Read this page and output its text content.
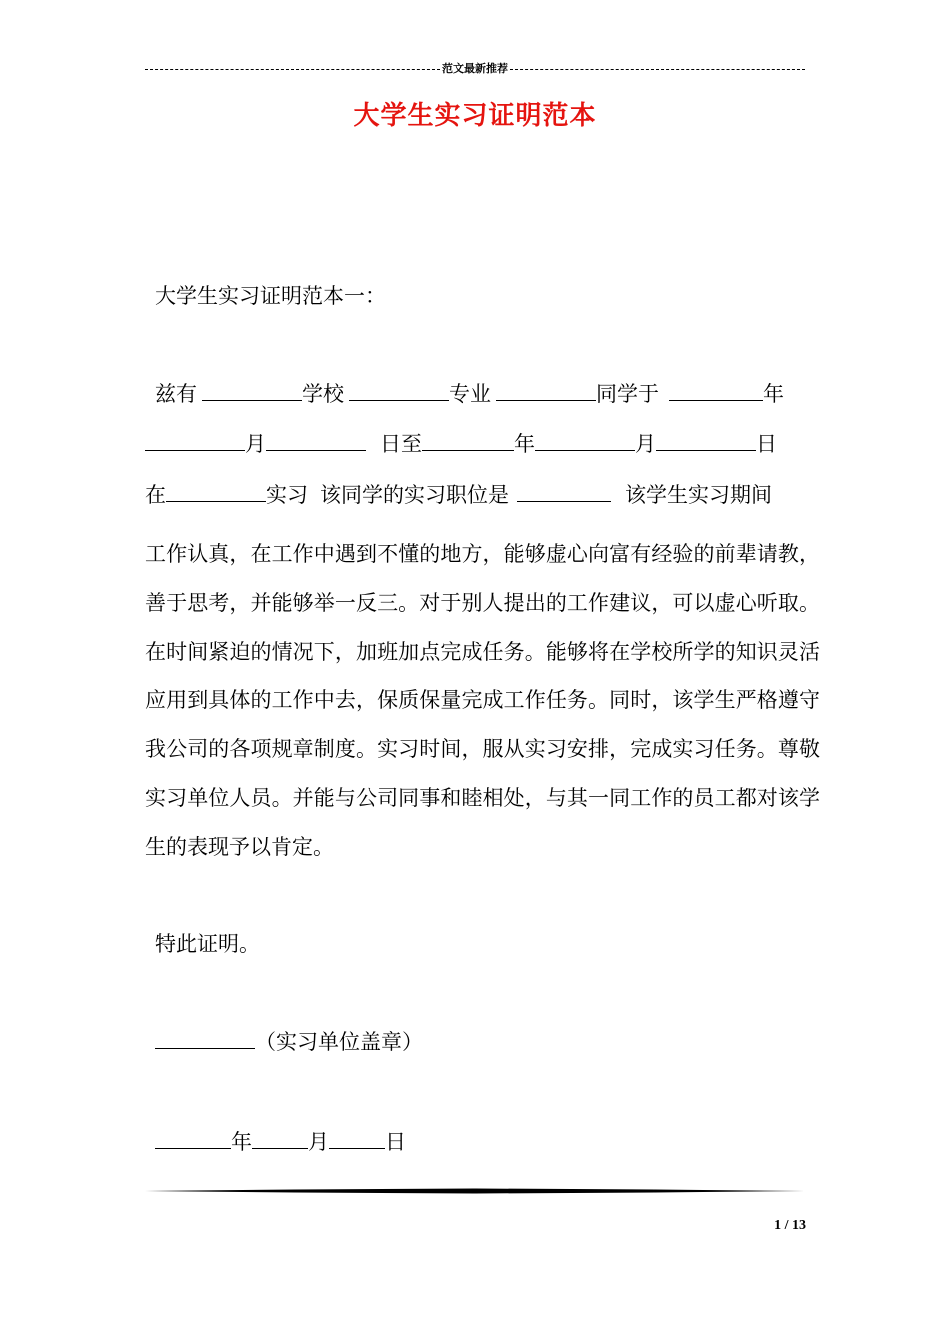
范文最新推荐
大学生实习证明范本
大学生实习证明范本一：
兹有	学校	专业	同学于	年
月	日至	年	月	日
在	实习 该同学的实习职位是	该学生实习期间
工作认真，在工作中遇到不懂的地方，能够虚心向富有经验的前辈请教，善于思考，并能够举一反三。对于别人提出的工作建议，可以虚心听取。在时间紧迫的情况下，加班加点完成任务。能够将在学校所学的知识灵活应用到具体的工作中去，保质保量完成工作任务。同时，该学生严格遵守我公司的各项规章制度。实习时间，服从实习安排，完成实习任务。尊敬实习单位人员。并能与公司同事和睦相处，与其一同工作的员工都对该学生的表现予以肯定。
特此证明。
（实习单位盖章）
年	月	日
1 / 13
